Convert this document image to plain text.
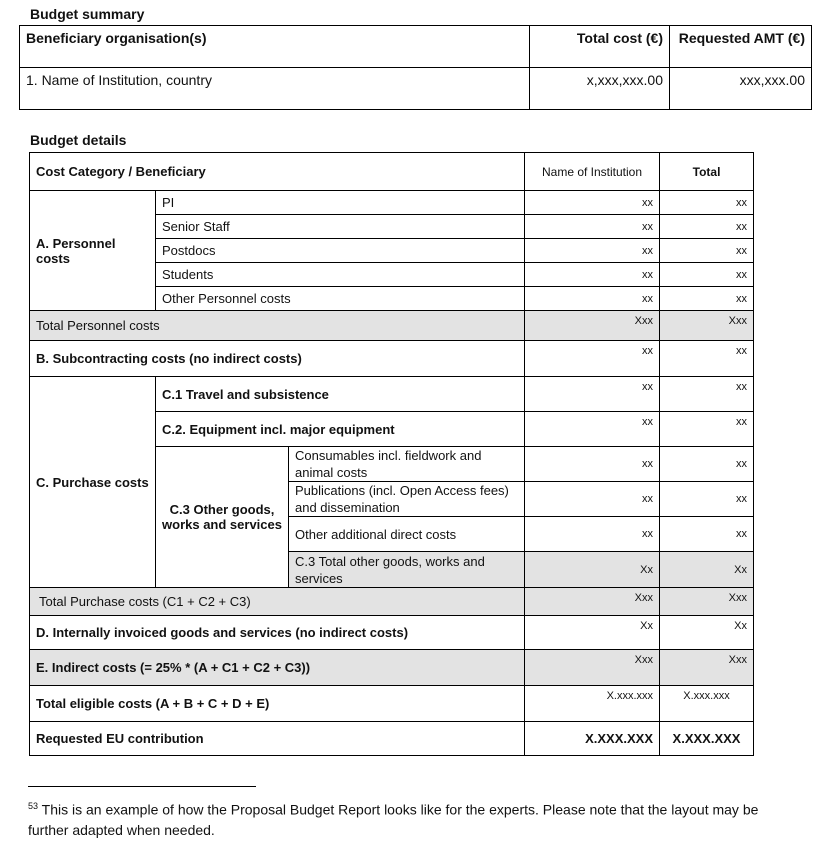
Budget summary
Beneficiary organisation(s)	Total cost (€)	Requested AMT (€)
1. Name of Institution, country	x,xxx,xxx.00	xxx,xxx.00
Budget details
Cost Category / Beneficiary			Name of Institution	Total
A. Personnel costs	PI		xx	xx
	Senior Staff		xx	xx
	Postdocs		xx	xx
	Students		xx	xx
	Other Personnel costs		xx	xx
Total Personnel costs			Xxx	Xxx
B. Subcontracting costs (no indirect costs)			xx	xx
C. Purchase costs	C.1 Travel and subsistence		xx	xx
	C.2. Equipment incl. major equipment		xx	xx
	C.3 Other goods, works and services	Consumables incl. fieldwork and animal costs	xx	xx
		Publications (incl. Open Access fees) and dissemination	xx	xx
		Other additional direct costs	xx	xx
		C.3 Total other goods, works and services	Xx	Xx
Total Purchase costs (C1 + C2 + C3)			Xxx	Xxx
D. Internally invoiced goods and services (no indirect costs)			Xx	Xx
E. Indirect costs (= 25% * (A + C1 + C2 + C3))			Xxx	Xxx
Total eligible costs (A + B + C + D + E)			X.xxx.xxx	X.xxx.xxx
Requested EU contribution			X.XXX.XXX	X.XXX.XXX
$^{53}$ This is an example of how the Proposal Budget Report looks like for the experts. Please note that the layout may be further adapted when needed.
